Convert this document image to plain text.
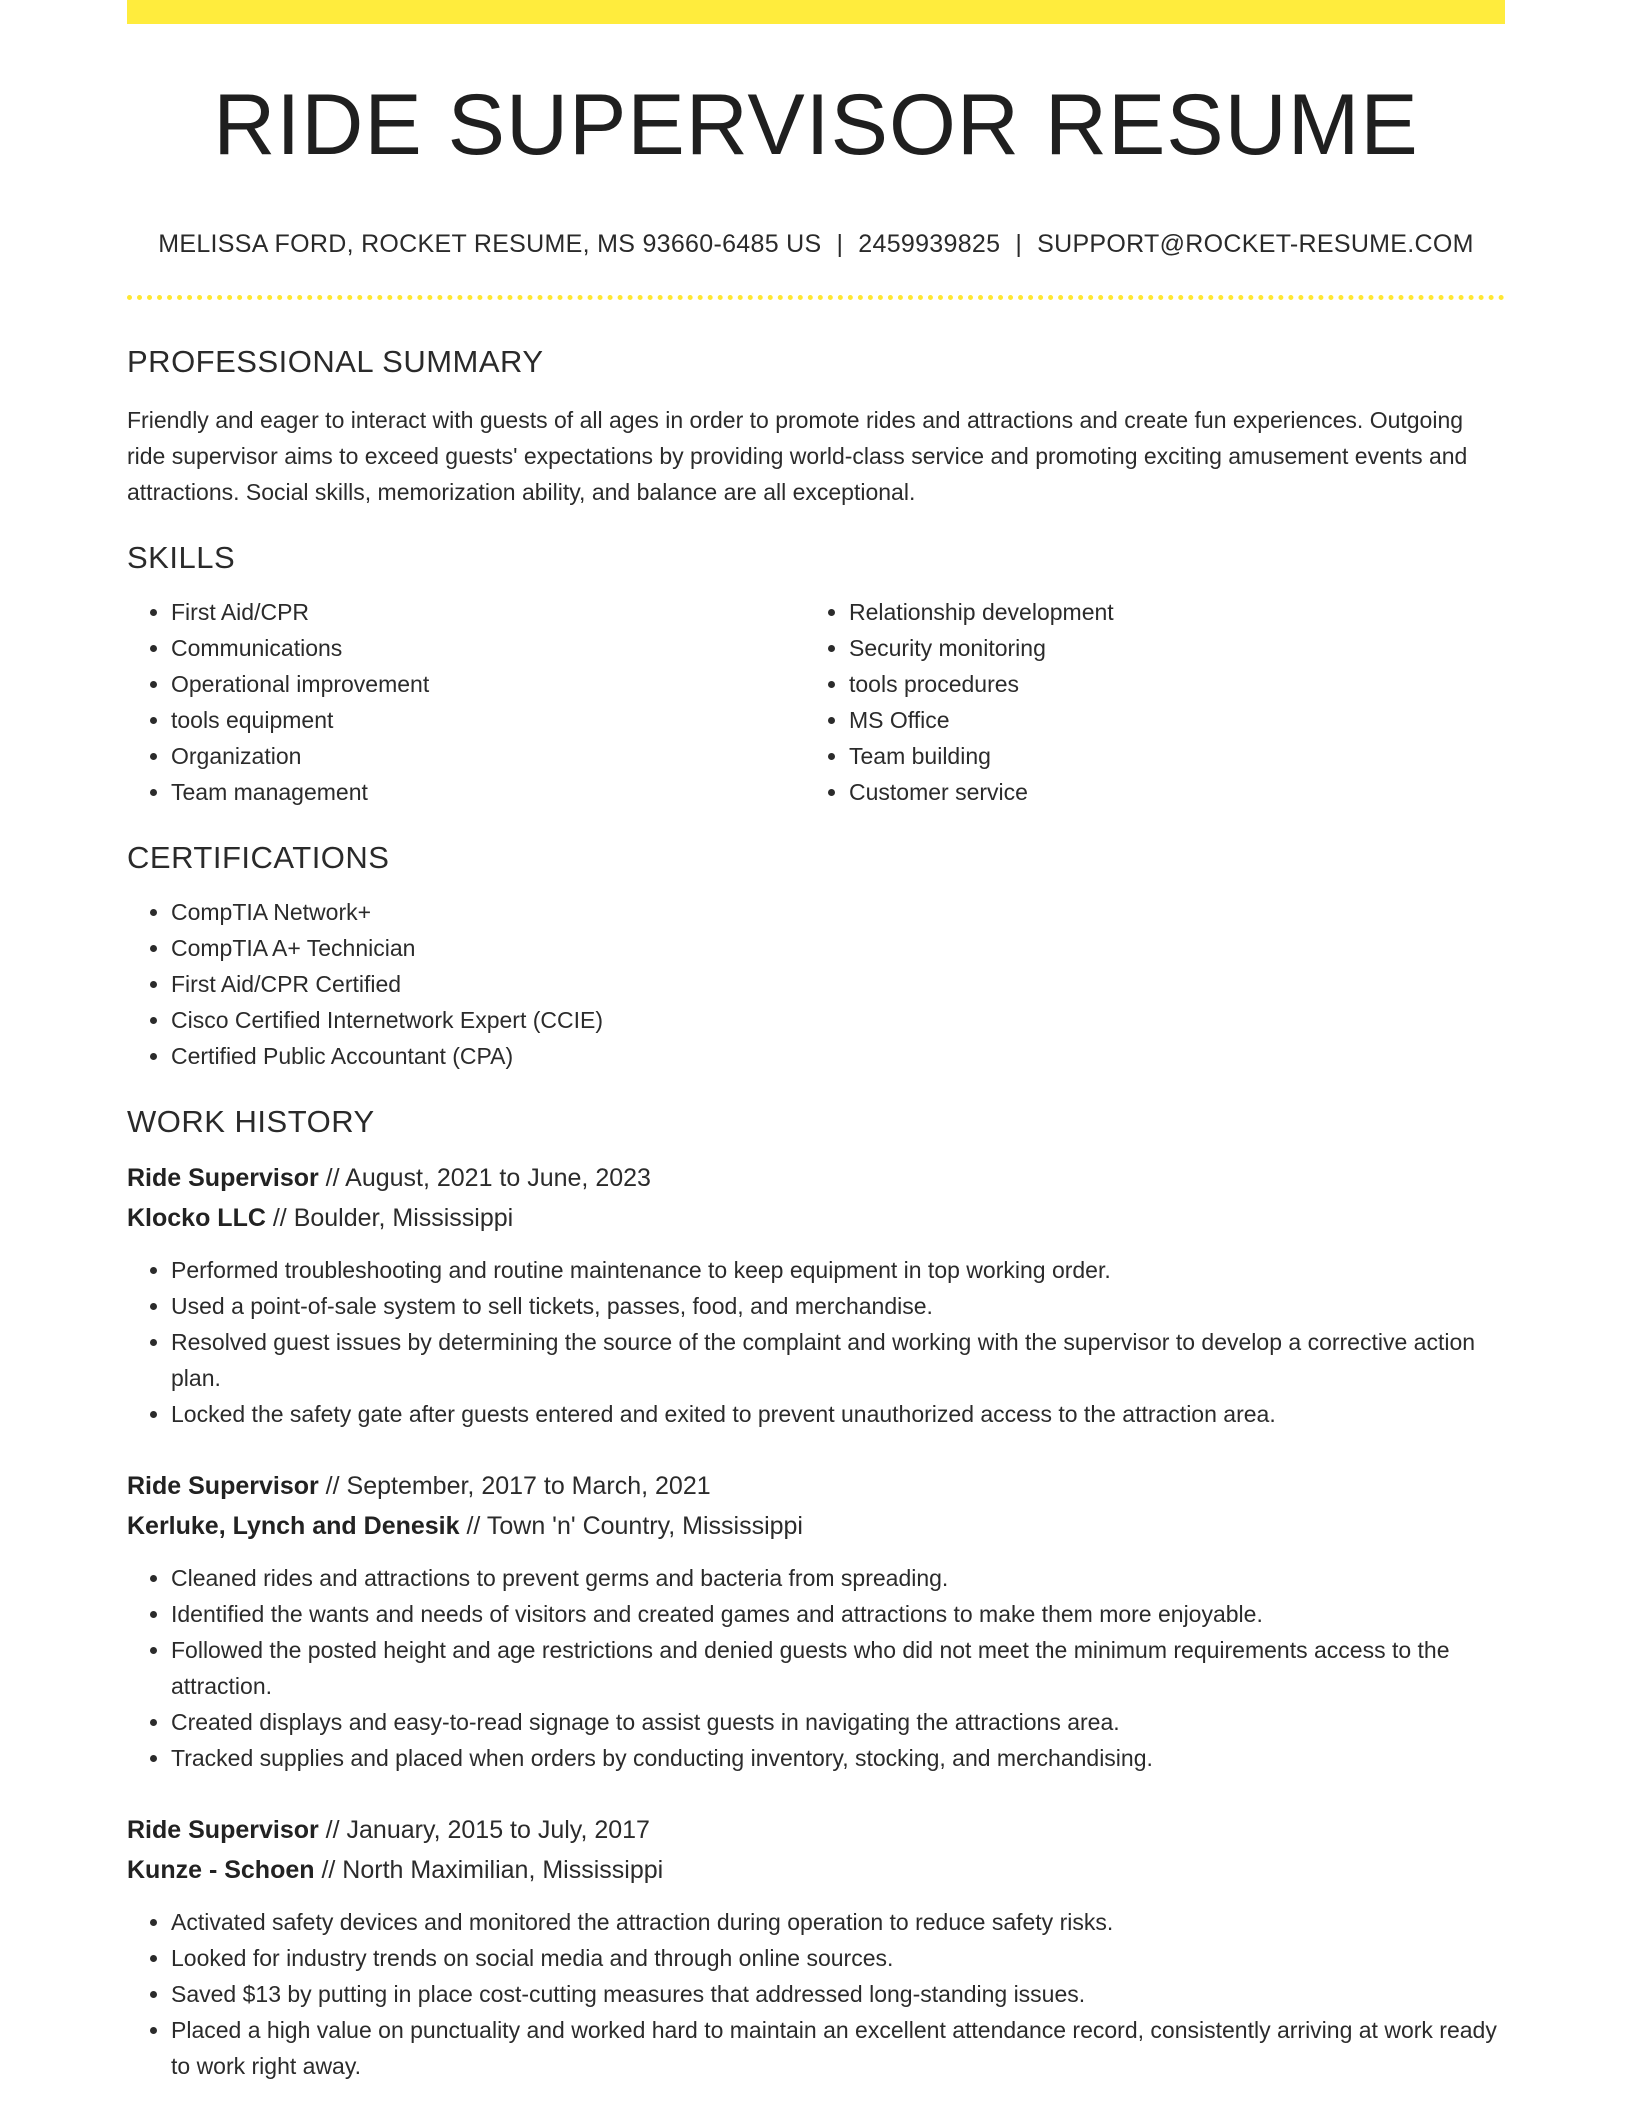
RIDE SUPERVISOR RESUME
MELISSA FORD, ROCKET RESUME, MS 93660-6485 US | 2459939825 | SUPPORT@ROCKET-RESUME.COM
PROFESSIONAL SUMMARY
Friendly and eager to interact with guests of all ages in order to promote rides and attractions and create fun experiences. Outgoing ride supervisor aims to exceed guests' expectations by providing world-class service and promoting exciting amusement events and attractions. Social skills, memorization ability, and balance are all exceptional.
SKILLS
• First Aid/CPR
• Communications
• Operational improvement
• tools equipment
• Organization
• Team management
• Relationship development
• Security monitoring
• tools procedures
• MS Office
• Team building
• Customer service
CERTIFICATIONS
• CompTIA Network+
• CompTIA A+ Technician
• First Aid/CPR Certified
• Cisco Certified Internetwork Expert (CCIE)
• Certified Public Accountant (CPA)
WORK HISTORY
Ride Supervisor // August, 2021 to June, 2023
Klocko LLC // Boulder, Mississippi
• Performed troubleshooting and routine maintenance to keep equipment in top working order.
• Used a point-of-sale system to sell tickets, passes, food, and merchandise.
• Resolved guest issues by determining the source of the complaint and working with the supervisor to develop a corrective action plan.
• Locked the safety gate after guests entered and exited to prevent unauthorized access to the attraction area.
Ride Supervisor // September, 2017 to March, 2021
Kerluke, Lynch and Denesik // Town 'n' Country, Mississippi
• Cleaned rides and attractions to prevent germs and bacteria from spreading.
• Identified the wants and needs of visitors and created games and attractions to make them more enjoyable.
• Followed the posted height and age restrictions and denied guests who did not meet the minimum requirements access to the attraction.
• Created displays and easy-to-read signage to assist guests in navigating the attractions area.
• Tracked supplies and placed when orders by conducting inventory, stocking, and merchandising.
Ride Supervisor // January, 2015 to July, 2017
Kunze - Schoen // North Maximilian, Mississippi
• Activated safety devices and monitored the attraction during operation to reduce safety risks.
• Looked for industry trends on social media and through online sources.
• Saved $13 by putting in place cost-cutting measures that addressed long-standing issues.
• Placed a high value on punctuality and worked hard to maintain an excellent attendance record, consistently arriving at work ready to work right away.
